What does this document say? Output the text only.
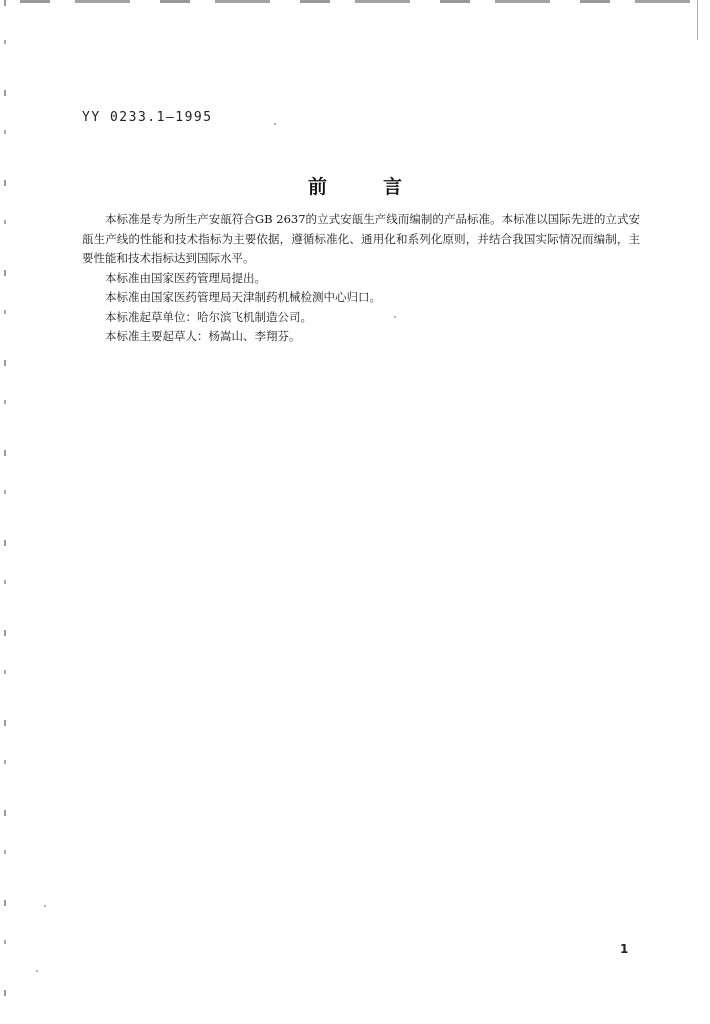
YY 0233.1—1995
前言

本标准是专为所生产安瓿符合GB 2637的立式安瓿生产线而编制的产品标准。本标准以国际先进的立式安瓿生产线的性能和技术指标为主要依据，遵循标准化、通用化和系列化原则，并结合我国实际情况而编制，主要性能和技术指标达到国际水平。

本标准由国家医药管理局提出。

本标准由国家医药管理局天津制药机械检测中心归口。

本标准起草单位：哈尔滨飞机制造公司。

本标准主要起草人：杨嵩山、李翔芬。

1
